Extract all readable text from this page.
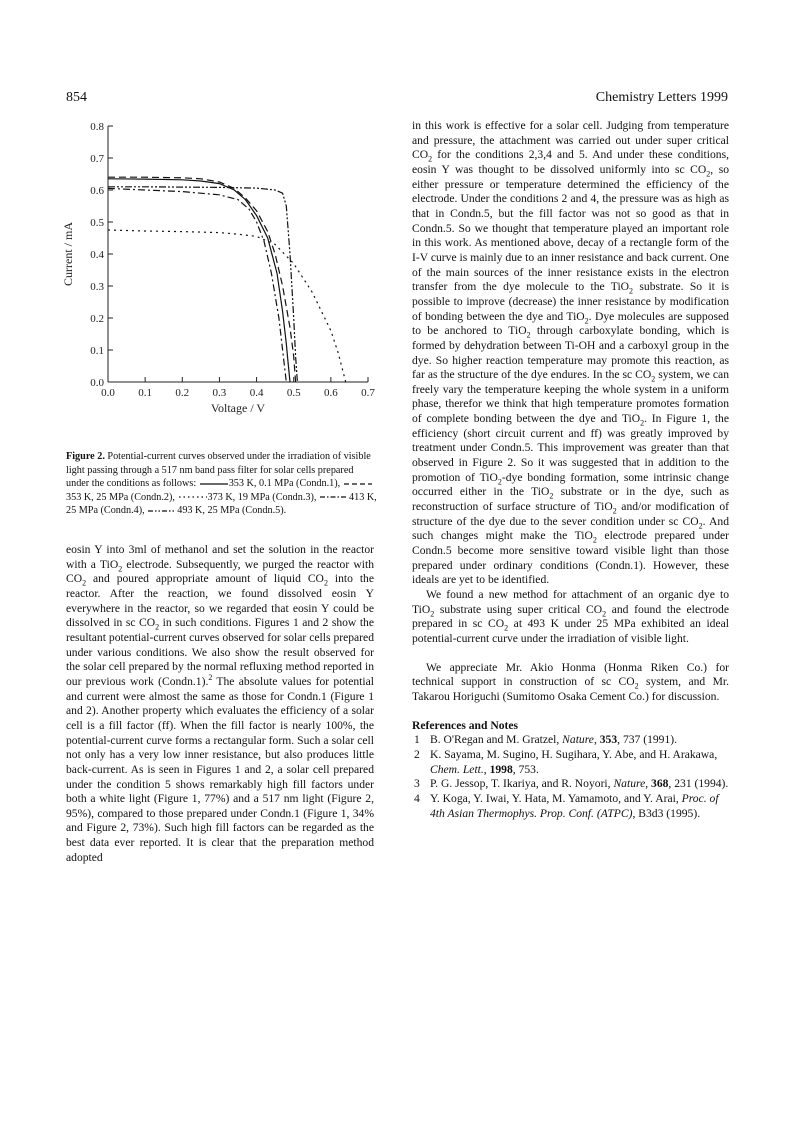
854	Chemistry Letters 1999
0.0 0.1 0.2 0.3 0.4 0.5 0.6 0.7
0.0
0.1
0.2
0.3
0.4
0.5
0.6
0.7
0.8
Voltage / V
Current / mA
Figure 2. Potential-current curves observed under the irradiation of visible light passing through a 517 nm band pass filter for solar cells prepared under the conditions as follows:	353 K, 0.1 MPa (Condn.1), 353 K, 25 MPa (Condn.2),	373 K, 19 MPa (Condn.3),	413 K, 25 MPa (Condn.4),	493 K, 25 MPa (Condn.5).

eosin Y into 3ml of methanol and set the solution in the reactor with a TiO$_2$ electrode. Subsequently, we purged the reactor with $CO_2$ and poured appropriate amount of liquid $CO_2$ into the reactor. After the reaction, we found dissolved eosin Y everywhere in the reactor, so we regarded that eosin Y could be dissolved in sc $CO_2$ in such conditions. Figures 1 and 2 show the resultant potential-current curves observed for solar cells prepared under various conditions. We also show the result observed for the solar cell prepared by the normal refluxing method reported in our previous work (Condn.1).$^2$ The absolute values for potential and current were almost the same as those for Condn.1 (Figure 1 and 2). Another property which evaluates the efficiency of a solar cell is a fill factor (ff). When the fill factor is nearly 100%, the potential-current curve forms a rectangular form. Such a solar cell not only has a very low inner resistance, but also produces little back-current. As is seen in Figures 1 and 2, a solar cell prepared under the condition 5 shows remarkably high fill factors under both a white light (Figure 1, 77%) and a 517 nm light (Figure 2, 95%), compared to those prepared under Condn.1 (Figure 1, 34% and Figure 2, 73%). Such high fill factors can be regarded as the best data ever reported. It is clear that the preparation method adopted

in this work is effective for a solar cell. Judging from temperature and pressure, the attachment was carried out under super critical $CO_2$ for the conditions 2,3,4 and 5. And under these conditions, eosin Y was thought to be dissolved uniformly into sc $CO_2$, so either pressure or temperature determined the efficiency of the electrode. Under the conditions 2 and 4, the pressure was as high as that in Condn.5, but the fill factor was not so good as that in Condn.5. So we thought that temperature played an important role in this work. As mentioned above, decay of a rectangle form of the I-V curve is mainly due to an inner resistance and back current. One of the main sources of the inner resistance exists in the electron transfer from the dye molecule to the TiO$_2$ substrate. So it is possible to improve (decrease) the inner resistance by modification of bonding between the dye and TiO$_2$. Dye molecules are supposed to be anchored to TiO$_2$ through carboxylate bonding, which is formed by dehydration between Ti-OH and a carboxyl group in the dye. So higher reaction temperature may promote this reaction, as far as the structure of the dye endures. In the sc $CO_2$ system, we can freely vary the temperature keeping the whole system in a uniform phase, therefor we think that high temperature promotes formation of complete bonding between the dye and TiO$_2$. In Figure 1, the efficiency (short circuit current and ff) was greatly improved by treatment under Condn.5. This improvement was greater than that observed in Figure 2. So it was suggested that in addition to the promotion of TiO$_2$-dye bonding formation, some intrinsic change occurred either in the TiO$_2$ substrate or in the dye, such as reconstruction of surface structure of TiO$_2$ and/or modification of structure of the dye due to the sever condition under sc $CO_2$. And such changes might make the TiO$_2$ electrode prepared under Condn.5 become more sensitive toward visible light than those prepared under ordinary conditions (Condn.1). However, these ideals are yet to be identified.

We found a new method for attachment of an organic dye to TiO$_2$ substrate using super critical $CO_2$ and found the electrode prepared in sc $CO_2$ at 493 K under 25 MPa exhibited an ideal potential-current curve under the irradiation of visible light.

We appreciate Mr. Akio Honma (Honma Riken Co.) for technical support in construction of sc $CO_2$ system, and Mr. Takarou Horiguchi (Sumitomo Osaka Cement Co.) for discussion.

References and Notes

1 B. O'Regan and M. Gratzel, Nature, 353, 737 (1991).
2 K. Sayama, M. Sugino, H. Sugihara, Y. Abe, and H. Arakawa, Chem. Lett., 1998, 753.
3 P. G. Jessop, T. Ikariya, and R. Noyori, Nature, 368, 231 (1994).
4 Y. Koga, Y. Iwai, Y. Hata, M. Yamamoto, and Y. Arai, Proc. of 4th Asian Thermophys. Prop. Conf. (ATPC), B3d3 (1995).
